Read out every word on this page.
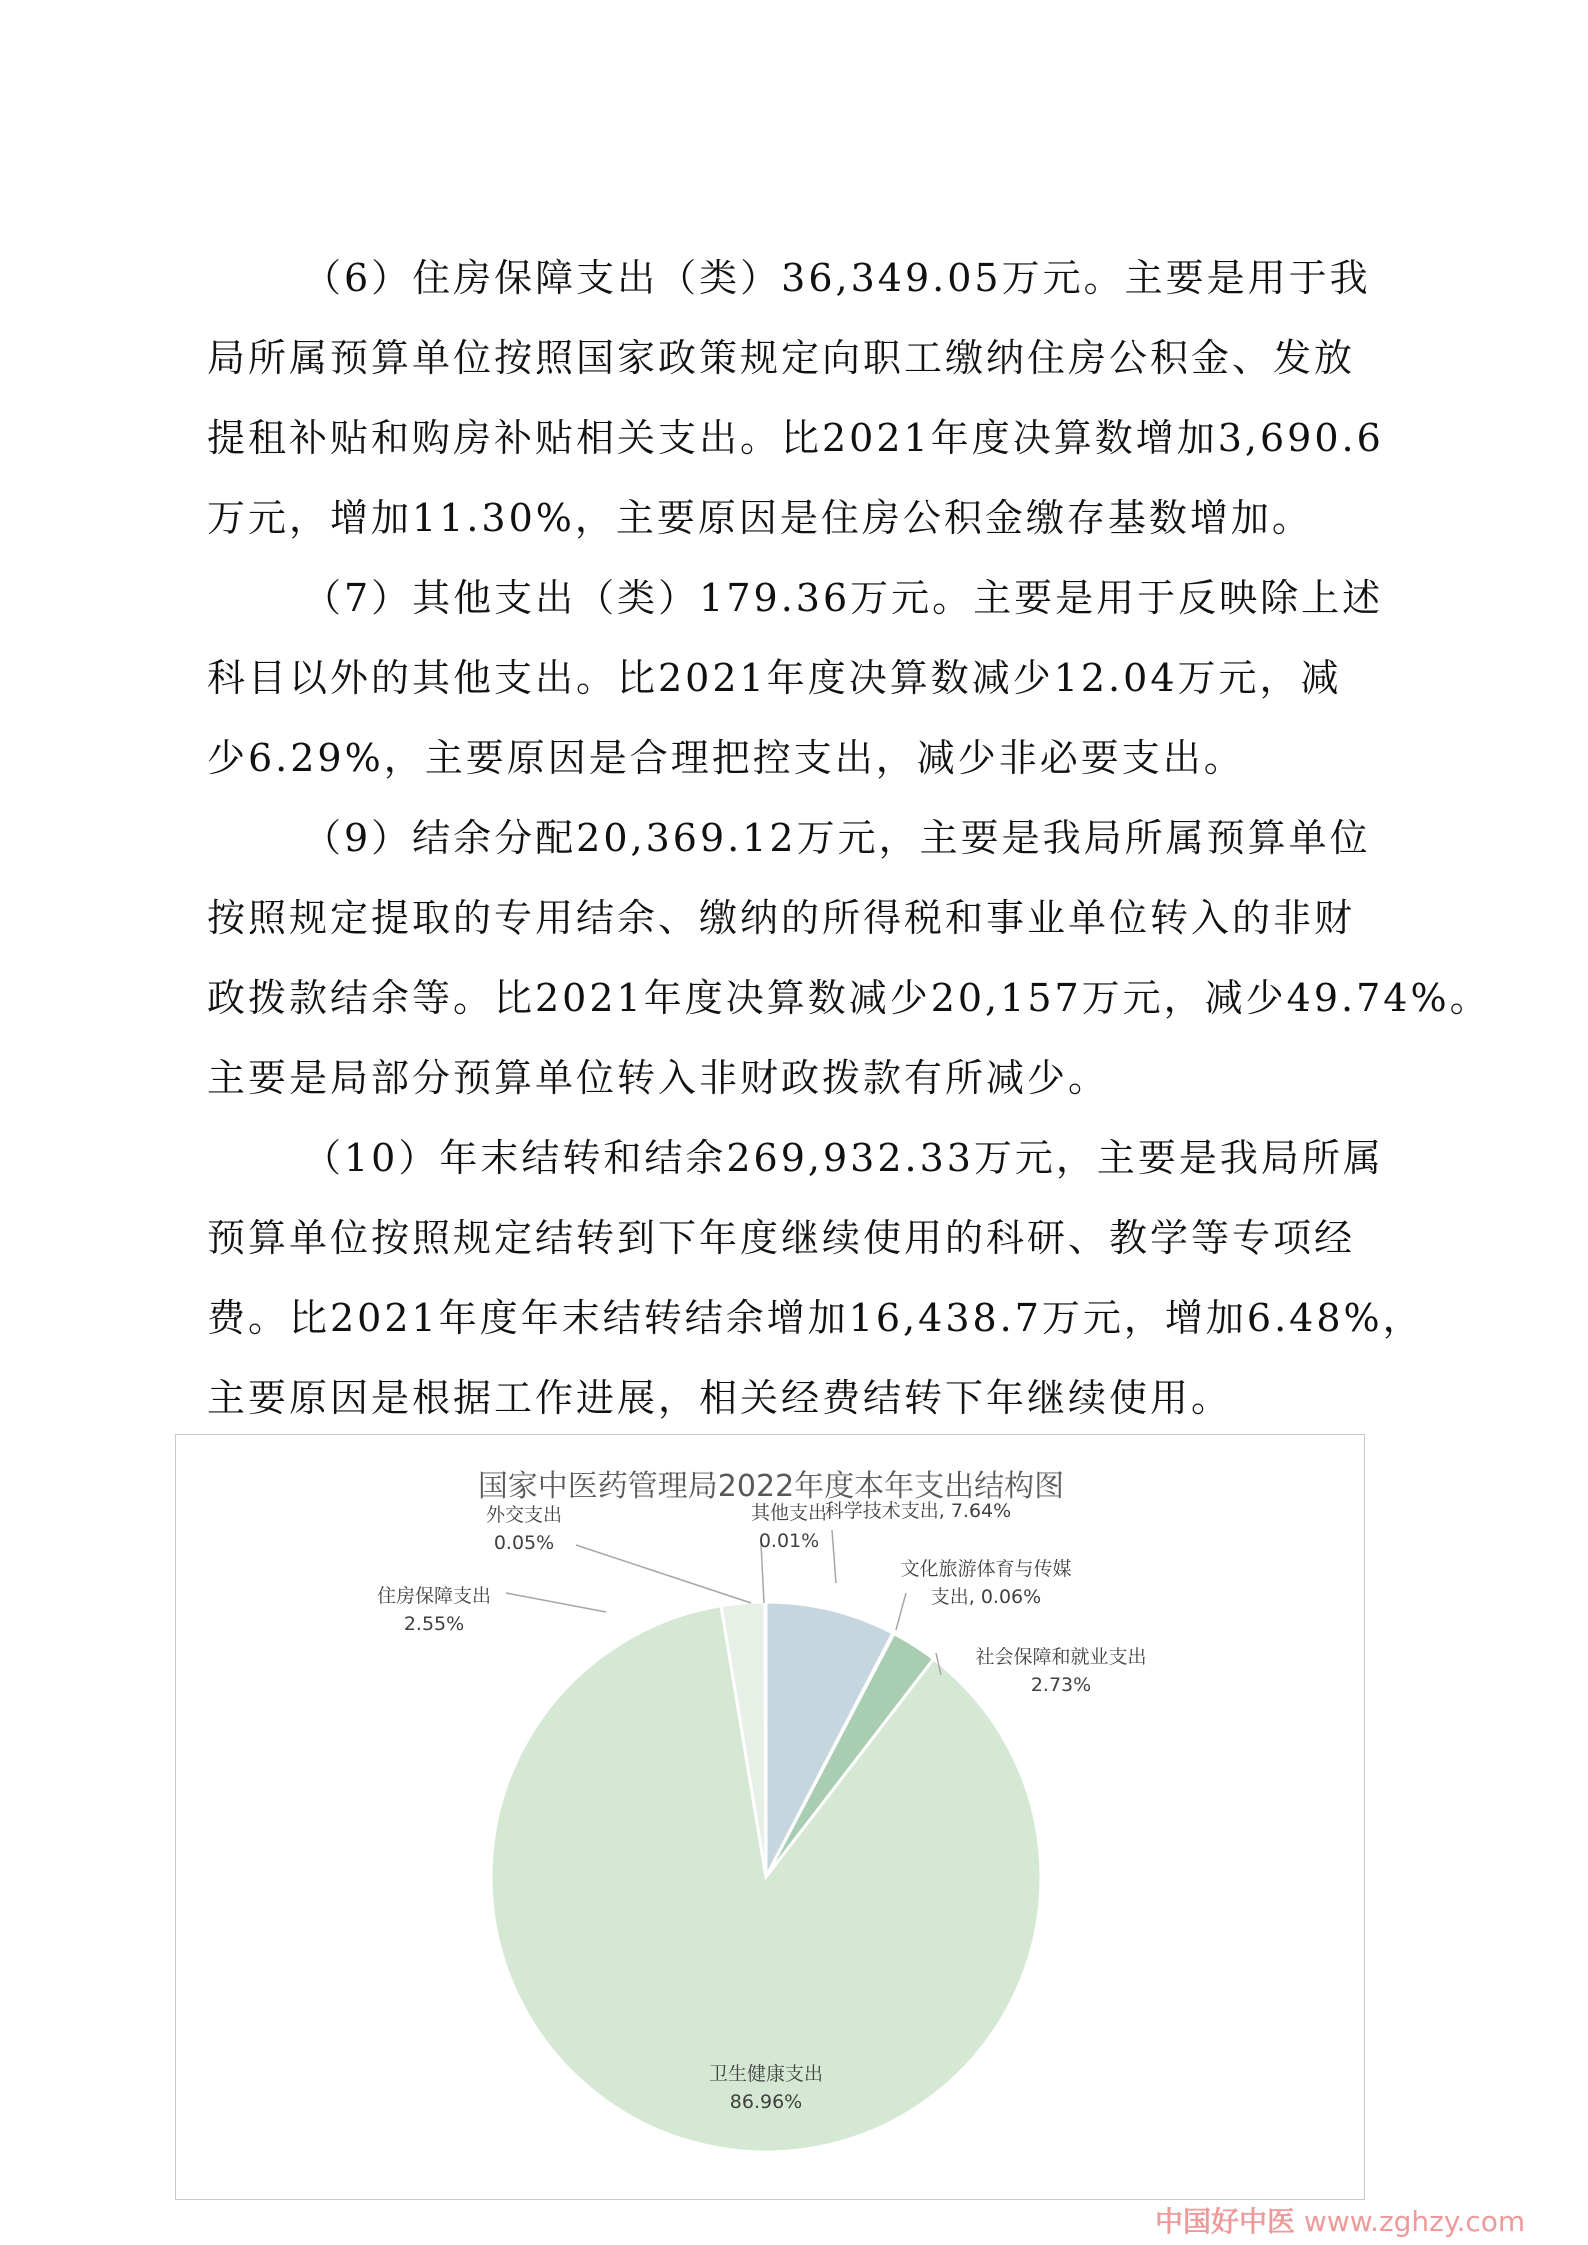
（6）住房保障支出（类）36,349.05万元。主要是用于我
局所属预算单位按照国家政策规定向职工缴纳住房公积金、发放
提租补贴和购房补贴相关支出。比2021年度决算数增加3,690.6
万元，增加11.30%，主要原因是住房公积金缴存基数增加。

（7）其他支出（类）179.36万元。主要是用于反映除上述
科目以外的其他支出。比2021年度决算数减少12.04万元，减
少6.29%，主要原因是合理把控支出，减少非必要支出。

（9）结余分配20,369.12万元，主要是我局所属预算单位
按照规定提取的专用结余、缴纳的所得税和事业单位转入的非财
政拨款结余等。比2021年度决算数减少20,157万元，减少49.74%。
主要是局部分预算单位转入非财政拨款有所减少。

（10）年末结转和结余269,932.33万元，主要是我局所属
预算单位按照规定结转到下年度继续使用的科研、教学等专项经
费。比2021年度年末结转结余增加16,438.7万元，增加6.48%，
主要原因是根据工作进展，相关经费结转下年继续使用。

国家中医药管理局2022年度本年支出结构图
科学技术支出, 7.64%
文化旅游体育与传媒
支出, 0.06%
社会保障和就业支出
2.73%
卫生健康支出
86.96%
住房保障支出
2.55%
外交支出
0.05%
其他支出
0.01%
中国好中医 www.zghzy.com
